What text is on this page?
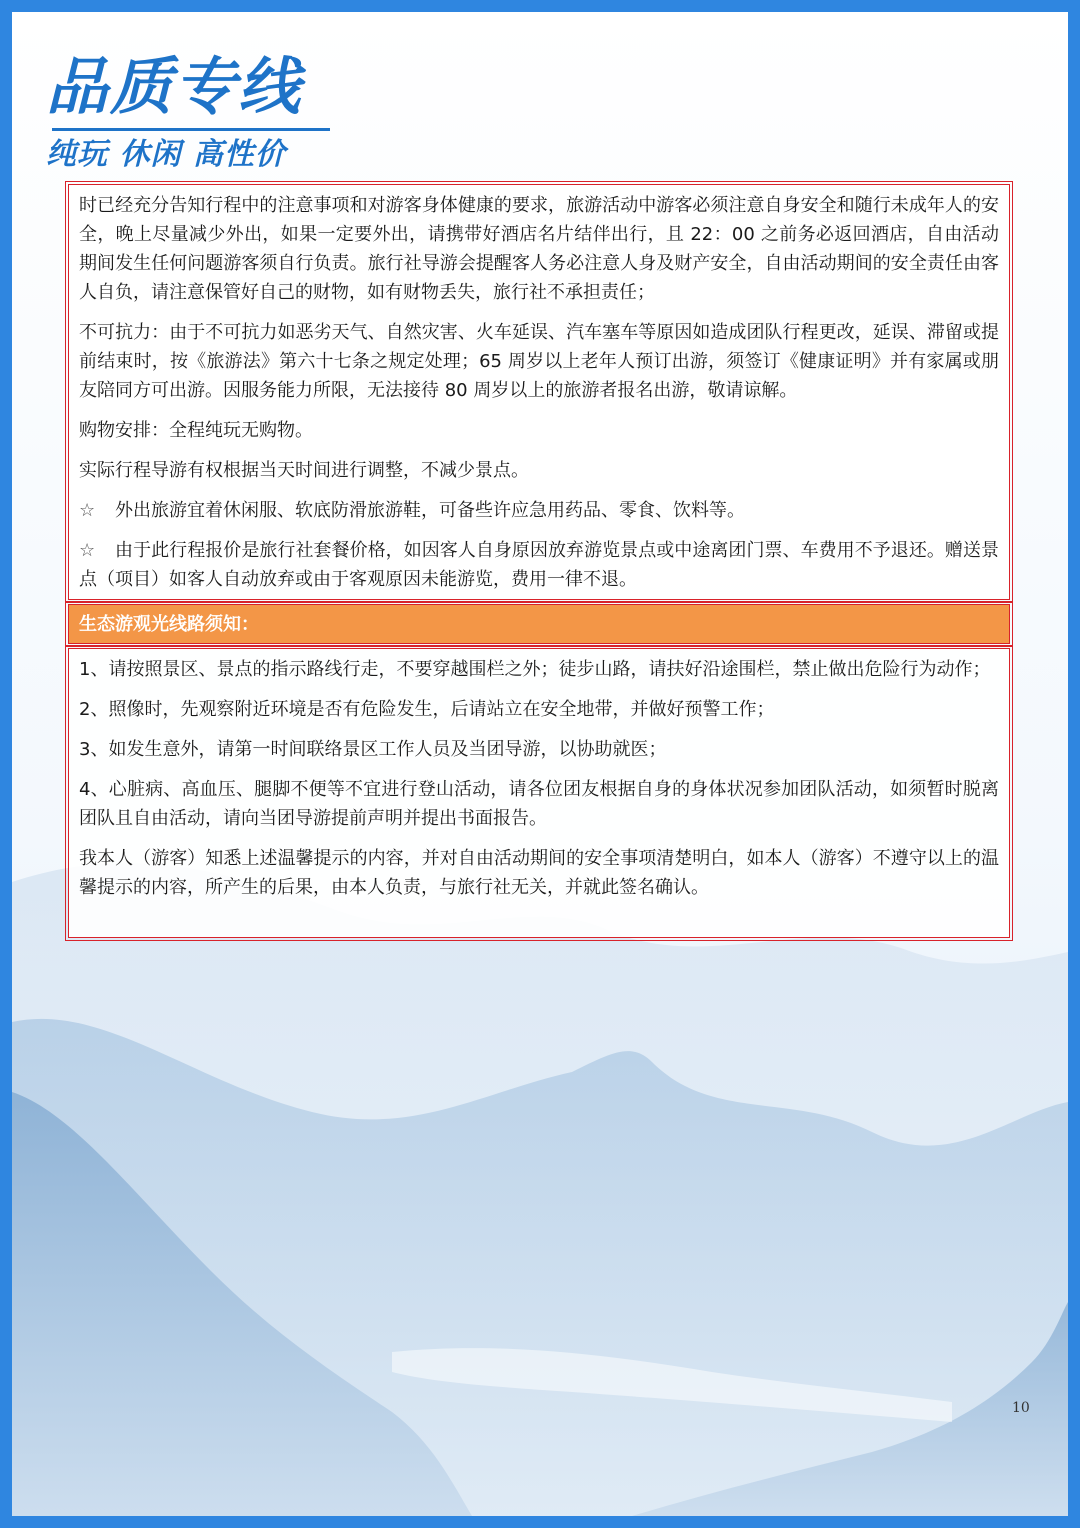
品质专线
纯玩 休闲 高性价

时已经充分告知行程中的注意事项和对游客身体健康的要求，旅游活动中游客必须注意自身安全和随行未成年人的安全，晚上尽量减少外出，如果一定要外出，请携带好酒店名片结伴出行，且 22：00 之前务必返回酒店，自由活动期间发生任何问题游客须自行负责。旅行社导游会提醒客人务必注意人身及财产安全，自由活动期间的安全责任由客人自负，请注意保管好自己的财物，如有财物丢失，旅行社不承担责任；

不可抗力：由于不可抗力如恶劣天气、自然灾害、火车延误、汽车塞车等原因如造成团队行程更改，延误、滞留或提前结束时，按《旅游法》第六十七条之规定处理；65 周岁以上老年人预订出游，须签订《健康证明》并有家属或朋友陪同方可出游。因服务能力所限，无法接待 80 周岁以上的旅游者报名出游，敬请谅解。

购物安排：全程纯玩无购物。

实际行程导游有权根据当天时间进行调整，不减少景点。

☆ 外出旅游宜着休闲服、软底防滑旅游鞋，可备些许应急用药品、零食、饮料等。

☆ 由于此行程报价是旅行社套餐价格，如因客人自身原因放弃游览景点或中途离团门票、车费用不予退还。赠送景点（项目）如客人自动放弃或由于客观原因未能游览，费用一律不退。

生态游观光线路须知：

1、请按照景区、景点的指示路线行走，不要穿越围栏之外；徒步山路，请扶好沿途围栏，禁止做出危险行为动作；

2、照像时，先观察附近环境是否有危险发生，后请站立在安全地带，并做好预警工作；

3、如发生意外，请第一时间联络景区工作人员及当团导游，以协助就医；

4、心脏病、高血压、腿脚不便等不宜进行登山活动，请各位团友根据自身的身体状况参加团队活动，如须暂时脱离团队且自由活动，请向当团导游提前声明并提出书面报告。

我本人（游客）知悉上述温馨提示的内容，并对自由活动期间的安全事项清楚明白，如本人（游客）不遵守以上的温馨提示的内容，所产生的后果，由本人负责，与旅行社无关，并就此签名确认。

10
